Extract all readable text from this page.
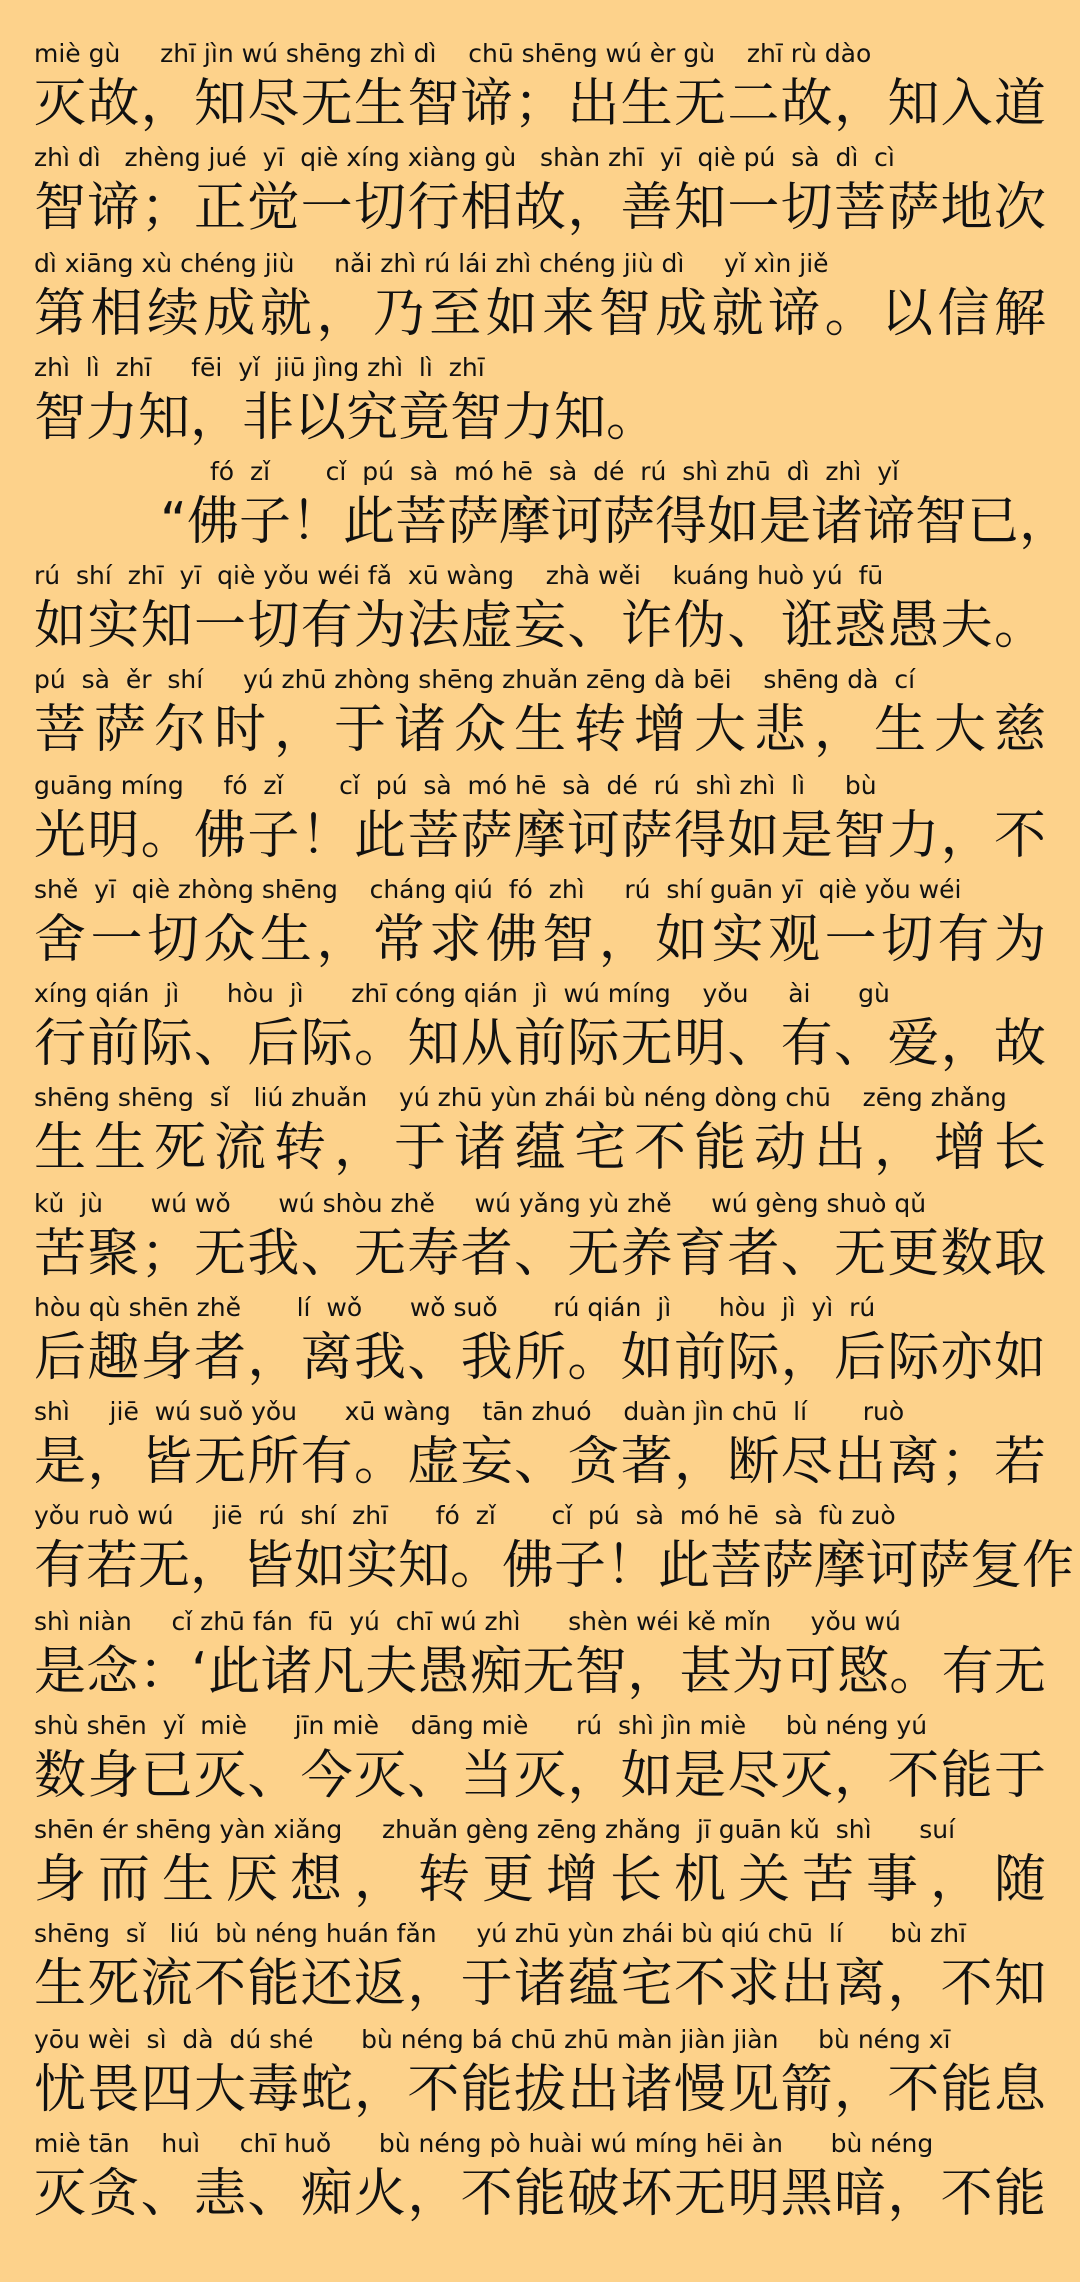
miè gù     zhī jìn wú shēng zhì dì    chū shēng wú èr gù    zhī rù dào
灭故，知尽无生智谛；出生无二故，知入道
zhì dì   zhèng jué  yī  qiè xíng xiàng gù   shàn zhī  yī  qiè pú  sà  dì  cì
智谛；正觉一切行相故，善知一切菩萨地次
dì xiāng xù chéng jiù     nǎi zhì rú lái zhì chéng jiù dì     yǐ xìn jiě
第相续成就，乃至如来智成就谛。以信解
zhì  lì  zhī     fēi  yǐ  jiū jìng zhì  lì  zhī
智力知，非以究竟智力知。
fó  zǐ       cǐ  pú  sà  mó hē  sà  dé  rú  shì zhū  dì  zhì  yǐ
“佛子！此菩萨摩诃萨得如是诸谛智已，
rú  shí  zhī  yī  qiè yǒu wéi fǎ  xū wàng    zhà wěi    kuáng huò yú  fū
如实知一切有为法虚妄、诈伪、诳惑愚夫。
pú  sà  ěr  shí     yú zhū zhòng shēng zhuǎn zēng dà bēi    shēng dà  cí
菩萨尔时，于诸众生转增大悲，生大慈
guāng míng     fó  zǐ       cǐ  pú  sà  mó hē  sà  dé  rú  shì zhì  lì     bù
光明。佛子！此菩萨摩诃萨得如是智力，不
shě  yī  qiè zhòng shēng    cháng qiú  fó  zhì     rú  shí guān yī  qiè yǒu wéi
舍一切众生，常求佛智，如实观一切有为
xíng qián  jì      hòu  jì      zhī cóng qián  jì  wú míng    yǒu     ài      gù
行前际、后际。知从前际无明、有、爱，故
shēng shēng  sǐ   liú zhuǎn    yú zhū yùn zhái bù néng dòng chū    zēng zhǎng
生生死流转，于诸蕴宅不能动出，增长
kǔ  jù      wú wǒ      wú shòu zhě     wú yǎng yù zhě     wú gèng shuò qǔ
苦聚；无我、无寿者、无养育者、无更数取
hòu qù shēn zhě       lí  wǒ      wǒ suǒ       rú qián  jì      hòu  jì  yì  rú
后趣身者，离我、我所。如前际，后际亦如
shì     jiē  wú suǒ yǒu      xū wàng    tān zhuó    duàn jìn chū  lí       ruò
是，皆无所有。虚妄、贪著，断尽出离；若
yǒu ruò wú     jiē  rú  shí  zhī      fó  zǐ       cǐ  pú  sà  mó hē  sà  fù zuò
有若无，皆如实知。佛子！此菩萨摩诃萨复作
shì niàn     cǐ zhū fán  fū  yú  chī wú zhì      shèn wéi kě mǐn     yǒu wú
是念：‘此诸凡夫愚痴无智，甚为可愍。有无
shù shēn  yǐ  miè      jīn miè    dāng miè      rú  shì jìn miè     bù néng yú
数身已灭、今灭、当灭，如是尽灭，不能于
shēn ér shēng yàn xiǎng     zhuǎn gèng zēng zhǎng  jī guān kǔ  shì      suí
身而生厌想，转更增长机关苦事，随
shēng  sǐ   liú  bù néng huán fǎn     yú zhū yùn zhái bù qiú chū  lí      bù zhī
生死流不能还返，于诸蕴宅不求出离，不知
yōu wèi  sì  dà  dú shé      bù néng bá chū zhū màn jiàn jiàn     bù néng xī
忧畏四大毒蛇，不能拔出诸慢见箭，不能息
miè tān    huì     chī huǒ      bù néng pò huài wú míng hēi àn      bù néng
灭贪、恚、痴火，不能破坏无明黑暗，不能
